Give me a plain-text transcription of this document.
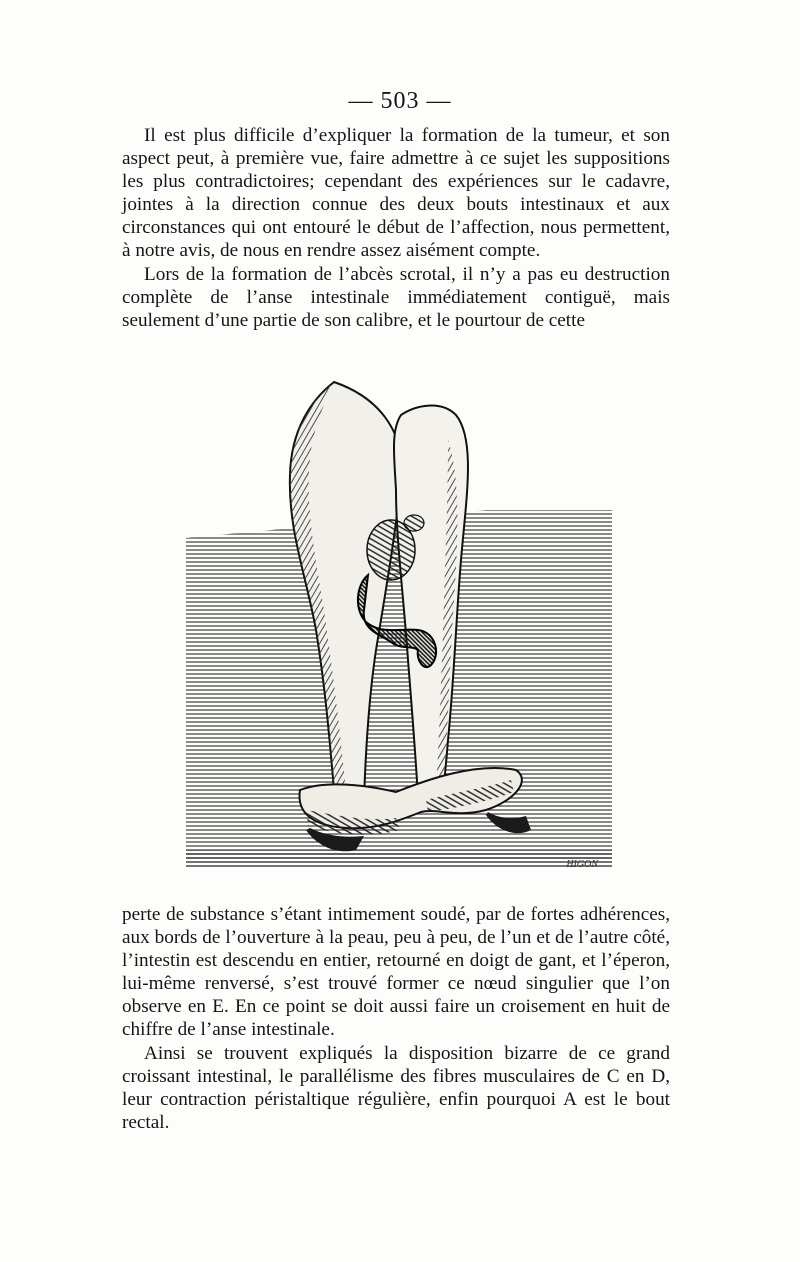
— 503 —

Il est plus difficile d’expliquer la formation de la tumeur, et son aspect peut, à première vue, faire admettre à ce sujet les suppositions les plus contradictoires; cependant des expériences sur le cadavre, jointes à la direction connue des deux bouts intestinaux et aux circonstances qui ont entouré le début de l’affection, nous permettent, à notre avis, de nous en rendre assez aisément compte.

Lors de la formation de l’abcès scrotal, il n’y a pas eu destruction complète de l’anse intestinale immédiatement contiguë, mais seulement d’une partie de son calibre, et le pourtour de cette

HIGON

perte de substance s’étant intimement soudé, par de fortes adhérences, aux bords de l’ouverture à la peau, peu à peu, de l’un et de l’autre côté, l’intestin est descendu en entier, retourné en doigt de gant, et l’éperon, lui-même renversé, s’est trouvé former ce nœud singulier que l’on observe en E. En ce point se doit aussi faire un croisement en huit de chiffre de l’anse intestinale.

Ainsi se trouvent expliqués la disposition bizarre de ce grand croissant intestinal, le parallélisme des fibres musculaires de C en D, leur contraction péristaltique régulière, enfin pourquoi A est le bout rectal.
